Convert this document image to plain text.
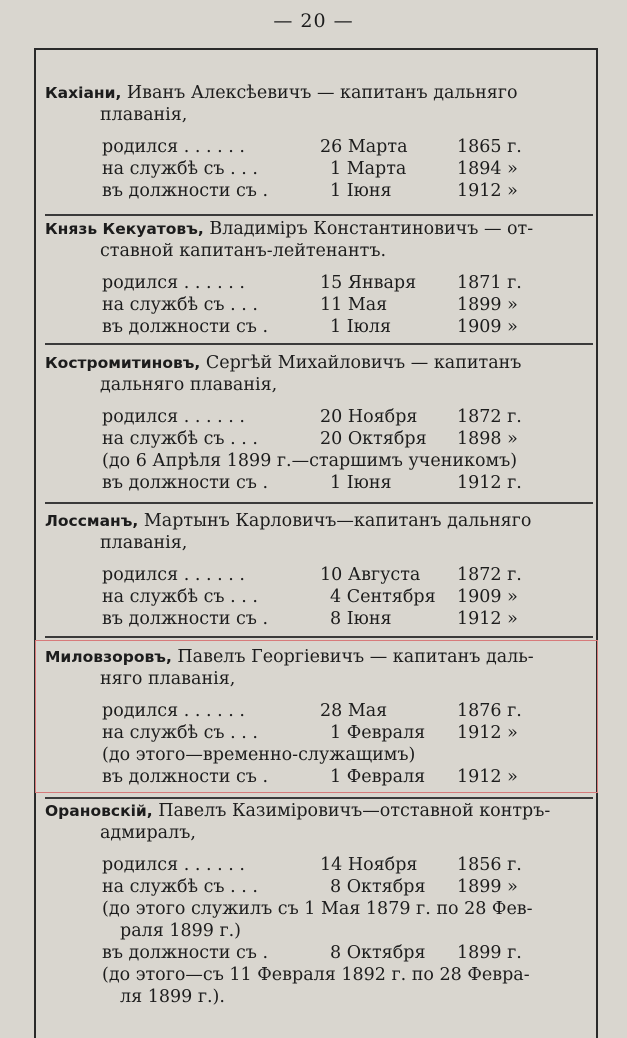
— 20 —
Кахіани, Иванъ Алексѣевичъ — капитанъ дальняго
плаванія,
родился . . . . . .	26 Марта	1865 г.
на службѣ съ . . .	1 Марта	1894 »
въ должности съ .	1 Іюня	1912 »
Князь Кекуатовъ, Владиміръ Константиновичъ — от-
ставной капитанъ-лейтенантъ.
родился . . . . . .	15 Января 1871 г.
на службѣ съ . . .	11 Мая	1899 »
въ должности съ .	1 Іюля	1909 »
Костромитиновъ, Сергѣй Михайловичъ — капитанъ
дальняго плаванія,
родился . . . . . .	20 Ноября 1872 г.
на службѣ съ . . .	20 Октября 1898 »
(до 6 Апрѣля 1899 г.—старшимъ ученикомъ)
въ должности съ .	1 Іюня	1912 г.
Лоссманъ, Мартынъ Карловичъ—капитанъ дальняго
плаванія,
родился . . . . . .	10 Августа 1872 г.
на службѣ съ . . .	4 Сентября 1909 »
въ должности съ .	8 Іюня	1912 »
Миловзоровъ, Павелъ Георгіевичъ — капитанъ даль-
няго плаванія,
родился . . . . . .	28 Мая	1876 г.
на службѣ съ . . .	1 Февраля 1912 »
(до этого—временно-служащимъ)
въ должности съ .	1 Февраля 1912 »
Орановскій, Павелъ Казиміровичъ—отставной контръ-
адмиралъ,
родился . . . . . .	14 Ноября 1856 г.
на службѣ съ . . .	8 Октября 1899 »
(до этого служилъ съ 1 Мая 1879 г. по 28 Фев-
раля 1899 г.)
въ должности съ .	8 Октября 1899 г.
(до этого—съ 11 Февраля 1892 г. по 28 Февра-
ля 1899 г.).
